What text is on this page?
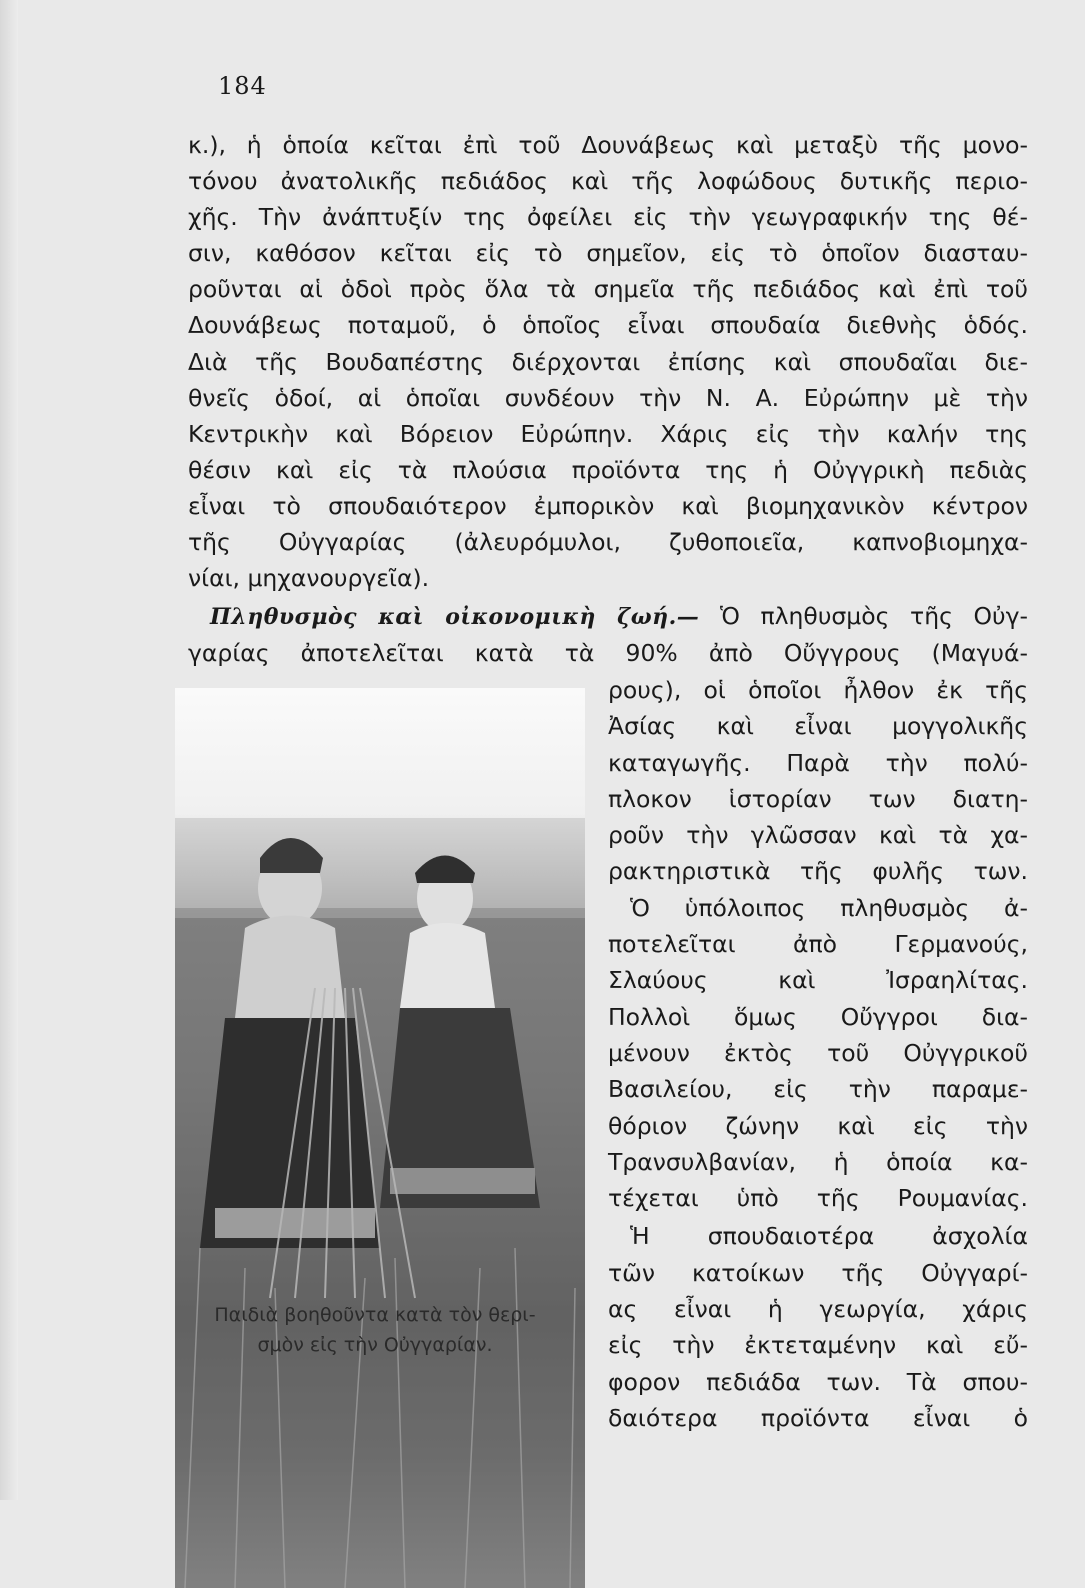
184
κ.), ἡ ὁποία κεῖται ἐπὶ τοῦ Δουνάβεως καὶ μεταξὺ τῆς μονο-
τόνου ἀνατολικῆς πεδιάδος καὶ τῆς λοφώδους δυτικῆς περιο-
χῆς. Τὴν ἀνάπτυξίν της ὀφείλει εἰς τὴν γεωγραφικήν της θέ-
σιν, καθόσον κεῖται εἰς τὸ σημεῖον, εἰς τὸ ὁποῖον διασταυ-
ροῦνται αἱ ὁδοὶ πρὸς ὅλα τὰ σημεῖα τῆς πεδιάδος καὶ ἐπὶ τοῦ
Δουνάβεως ποταμοῦ, ὁ ὁποῖος εἶναι σπουδαία διεθνὴς ὁδός.
Διὰ τῆς Βουδαπέστης διέρχονται ἐπίσης καὶ σπουδαῖαι διε-
θνεῖς ὁδοί, αἱ ὁποῖαι συνδέουν τὴν Ν. Α. Εὐρώπην μὲ τὴν
Κεντρικὴν καὶ Βόρειον Εὐρώπην. Χάρις εἰς τὴν καλήν της
θέσιν καὶ εἰς τὰ πλούσια προϊόντα της ἡ Οὐγγρικὴ πεδιὰς
εἶναι τὸ σπουδαιότερον ἐμπορικὸν καὶ βιομηχανικὸν κέντρον
τῆς Οὐγγαρίας (ἀλευρόμυλοι, ζυθοποιεῖα, καπνοβιομηχα-
νίαι, μηχανουργεῖα).
Πληθυσμὸς καὶ οἰκονομικὴ ζωή.— Ὁ πληθυσμὸς τῆς Οὐγ-
γαρίας ἀποτελεῖται κατὰ τὰ 90% ἀπὸ Οὔγγρους (Μαγυά-
ρους), οἱ ὁποῖοι ἦλθον ἐκ τῆς
Ἀσίας καὶ εἶναι μογγολικῆς
καταγωγῆς. Παρὰ τὴν πολύ-
πλοκον ἱστορίαν των διατη-
ροῦν τὴν γλῶσσαν καὶ τὰ χα-
ρακτηριστικὰ τῆς φυλῆς των.
Ὁ ὑπόλοιπος πληθυσμὸς ἀ-
ποτελεῖται ἀπὸ Γερμανούς,
Σλαύους καὶ Ἰσραηλίτας.
Πολλοὶ ὅμως Οὔγγροι δια-
μένουν ἐκτὸς τοῦ Οὐγγρικοῦ
Βασιλείου, εἰς τὴν παραμε-
θόριον ζώνην καὶ εἰς τὴν
Τρανσυλβανίαν, ἡ ὁποία κα-
τέχεται ὑπὸ τῆς Ρουμανίας.
Ἡ σπουδαιοτέρα ἀσχολία
τῶν κατοίκων τῆς Οὐγγαρί-
ας εἶναι ἡ γεωργία, χάρις
εἰς τὴν ἐκτεταμένην καὶ εὔ-
φορον πεδιάδα των. Τὰ σπου-
δαιότερα προϊόντα εἶναι ὁ
Παιδιὰ βοηθοῦντα κατὰ τὸν θερι-
σμὸν εἰς τὴν Οὐγγαρίαν.
